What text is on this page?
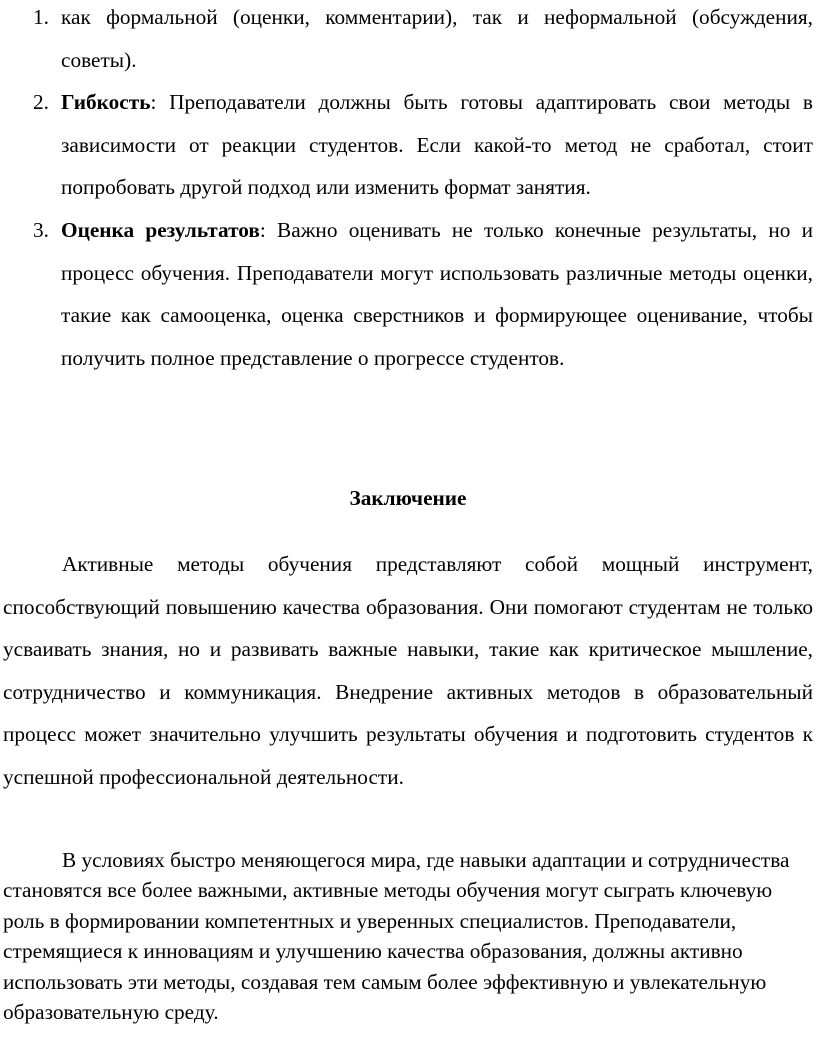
1. как формальной (оценки, комментарии), так и неформальной (обсуждения, советы).
2. Гибкость: Преподаватели должны быть готовы адаптировать свои методы в зависимости от реакции студентов. Если какой-то метод не сработал, стоит попробовать другой подход или изменить формат занятия.
3. Оценка результатов: Важно оценивать не только конечные результаты, но и процесс обучения. Преподаватели могут использовать различные методы оценки, такие как самооценка, оценка сверстников и формирующее оценивание, чтобы получить полное представление о прогрессе студентов.
Заключение

Активные методы обучения представляют собой мощный инструмент, способствующий повышению качества образования. Они помогают студентам не только усваивать знания, но и развивать важные навыки, такие как критическое мышление, сотрудничество и коммуникация. Внедрение активных методов в образовательный процесс может значительно улучшить результаты обучения и подготовить студентов к успешной профессиональной деятельности.

В условиях быстро меняющегося мира, где навыки адаптации и сотрудничества становятся все более важными, активные методы обучения могут сыграть ключевую роль в формировании компетентных и уверенных специалистов. Преподаватели, стремящиеся к инновациям и улучшению качества образования, должны активно использовать эти методы, создавая тем самым более эффективную и увлекательную образовательную среду.
